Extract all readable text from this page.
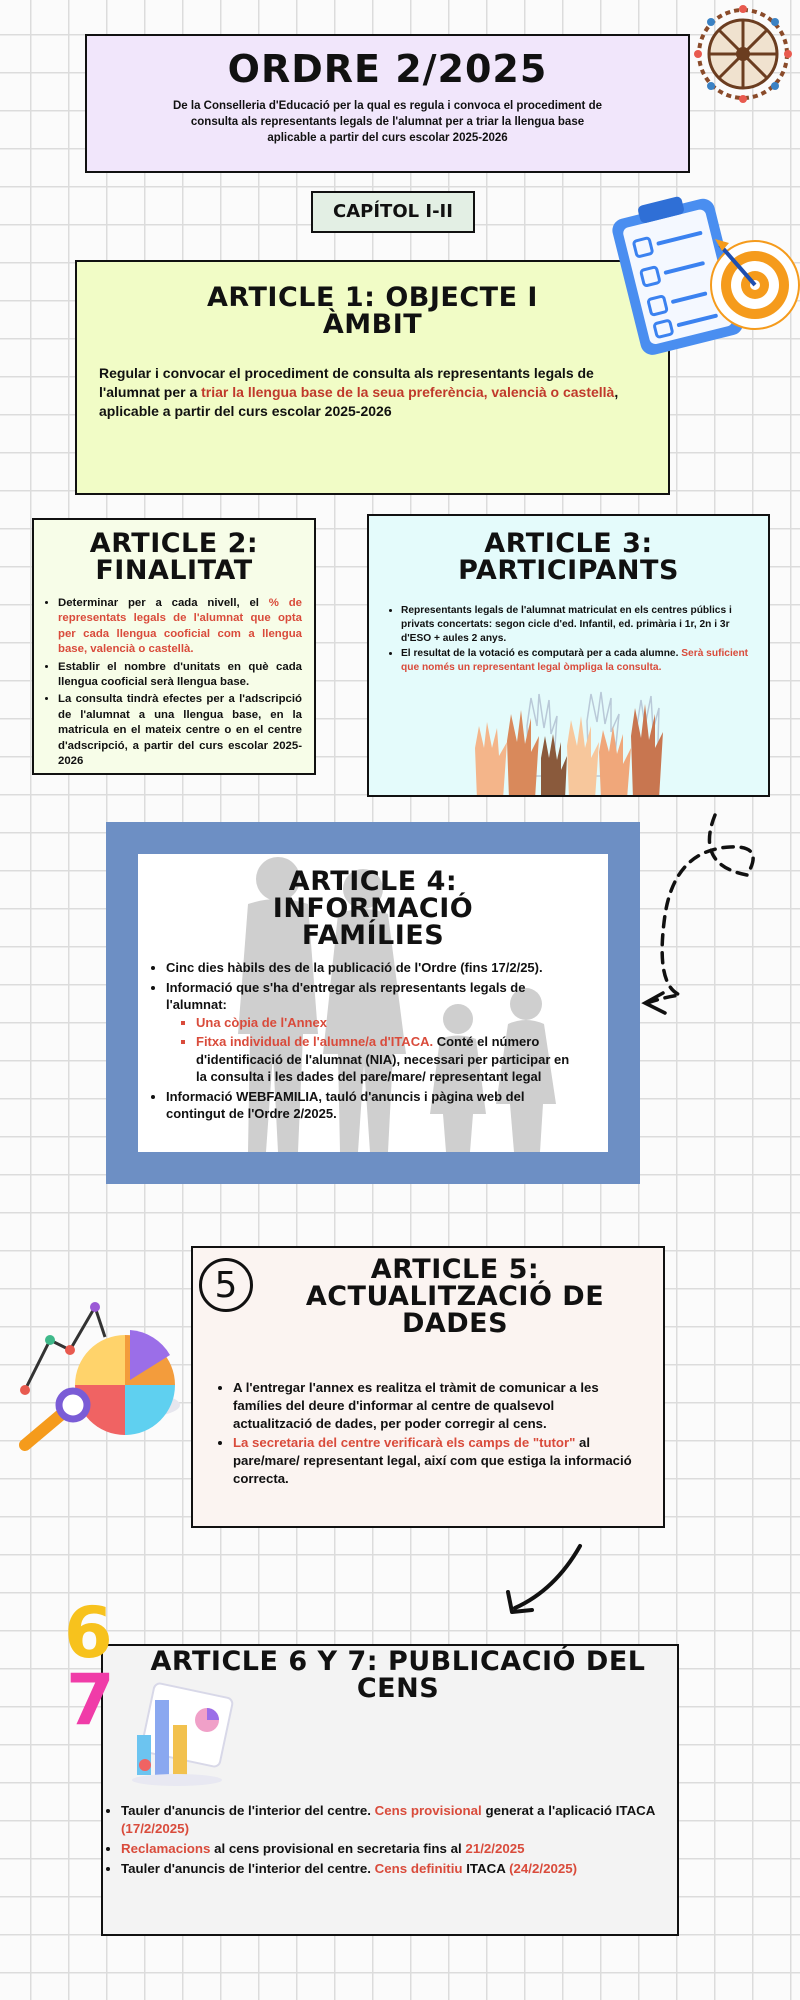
ORDRE 2/2025

De la Conselleria d'Educació per la qual es regula i convoca el procediment de consulta als representants legals de l'alumnat per a triar la llengua base aplicable a partir del curs escolar 2025-2026

CAPÍTOL I-II
ARTICLE 1: OBJECTE I ÀMBIT

Regular i convocar el procediment de consulta als representants legals de l'alumnat per a triar la llengua base de la seua preferència, valencià o castellà, aplicable a partir del curs escolar 2025-2026

ARTICLE 2: FINALITAT
• Determinar per a cada nivell, el % de representats legals de l'alumnat que opta per cada llengua cooficial com a llengua base, valencià o castellà.
• Establir el nombre d'unitats en què cada llengua cooficial serà llengua base.
• La consulta tindrà efectes per a l'adscripció de l'alumnat a una llengua base, en la matricula en el mateix centre o en el centre d'adscripció, a partir del curs escolar 2025-2026
ARTICLE 3: PARTICIPANTS
• Representants legals de l'alumnat matriculat en els centres públics i privats concertats: segon cicle d'ed. Infantil, ed. primària i 1r, 2n i 3r d'ESO + aules 2 anys.
• El resultat de la votació es computarà per a cada alumne. Serà suficient que només un representant legal òmpliga la consulta.
ARTICLE 4: INFORMACIÓ FAMÍLIES
• Cinc dies hàbils des de la publicació de l'Ordre (fins 17/2/25).
• Informació que s'ha d'entregar als representants legals de l'alumnat:
▪ Una còpia de l'Annex
▪ Fitxa individual de l'alumne/a d'ITACA. Conté el número d'identificació de l'alumnat (NIA), necessari per participar en la consulta i les dades del pare/mare/ representant legal
• Informació WEBFAMILIA, tauló d'anuncis i pàgina web del contingut de l'Ordre 2/2025.
5	ARTICLE 5: ACTUALITZACIÓ DE DADES
• A l'entregar l'annex es realitza el tràmit de comunicar a les famílies del deure d'informar al centre de qualsevol actualització de dades, per poder corregir al cens.
• La secretaria del centre verificarà els camps de "tutor" al pare/mare/ representant legal, així com que estiga la informació correcta.
ARTICLE 6 Y 7: PUBLICACIÓ DEL CENS
• Tauler d'anuncis de l'interior del centre. Cens provisional generat a l'aplicació ITACA (17/2/2025)
• Reclamacions al cens provisional en secretaria fins al 21/2/2025
• Tauler d'anuncis de l'interior del centre. Cens definitiu ITACA (24/2/2025)
6
7
